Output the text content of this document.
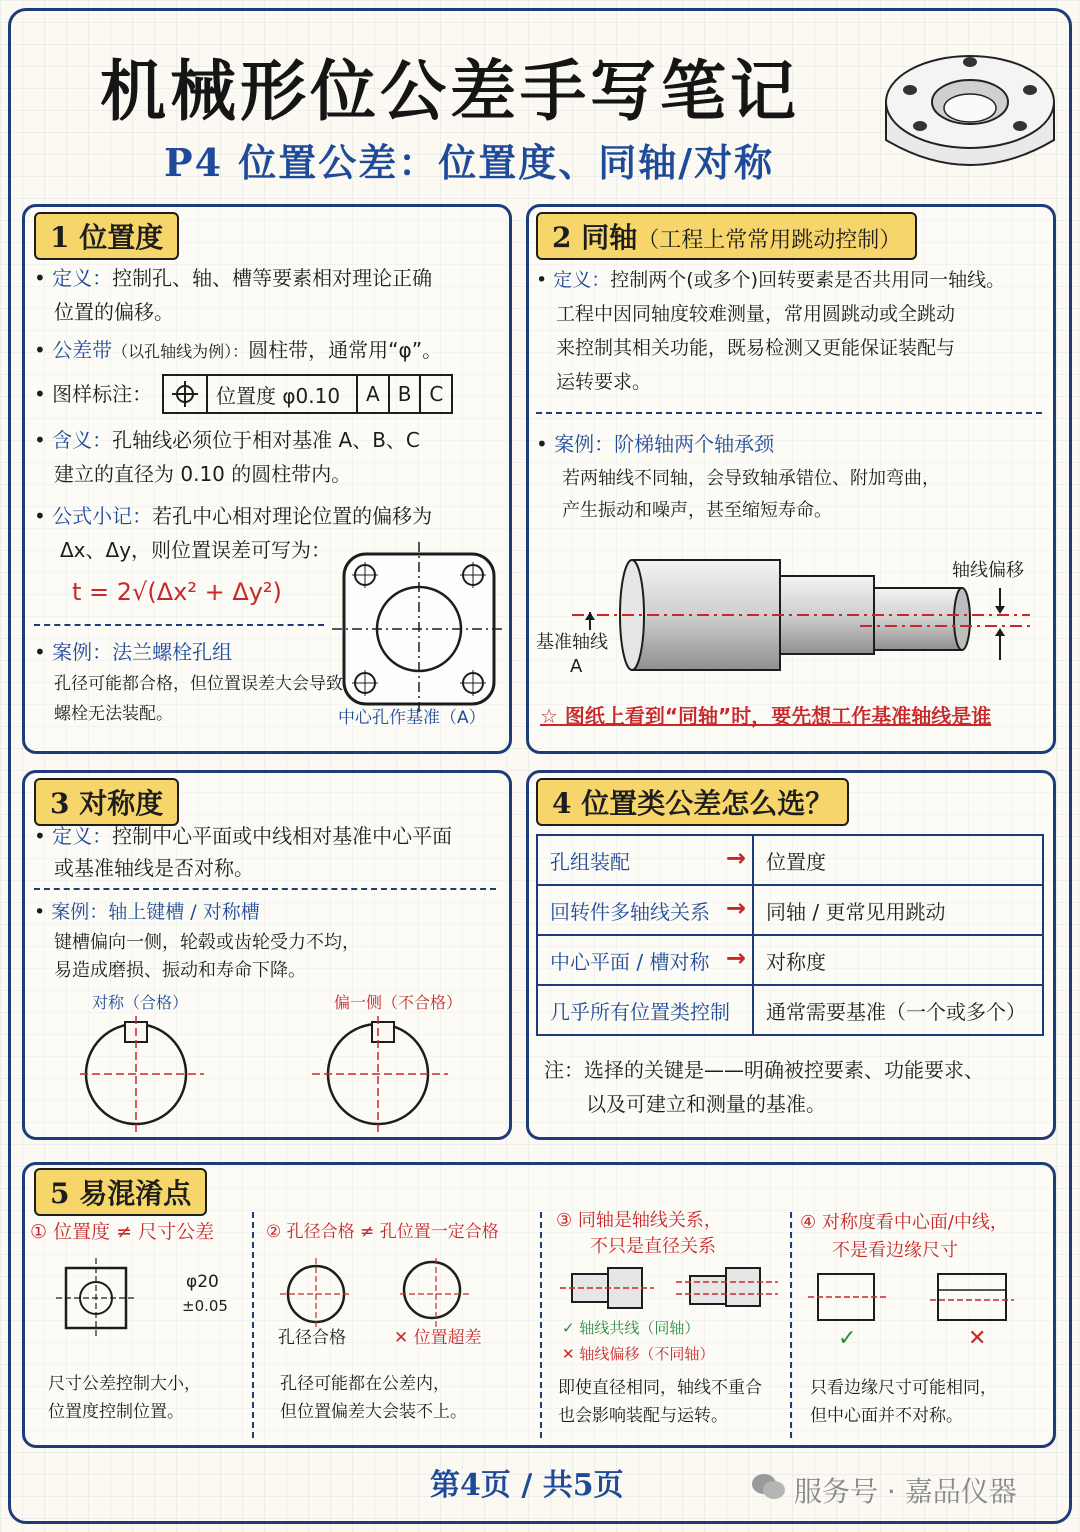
机械形位公差手写笔记
P4 位置公差：位置度、同轴/对称
1 位置度
• 定义：控制孔、轴、槽等要素相对理论正确
位置的偏移。
• 公差带（以孔轴线为例）：圆柱带，通常用“φ”。
• 图样标注：	位置度 φ0.10	A B C
• 含义：孔轴线必须位于相对基准 A、B、C
建立的直径为 0.10 的圆柱带内。
• 公式小记：若孔中心相对理论位置的偏移为
Δx、Δy，则位置误差可写为：
t = 2√(Δx² + Δy²)
• 案例：法兰螺栓孔组
孔径可能都合格，但位置误差大会导致
螺栓无法装配。	中心孔作基准（A）
2 同轴（工程上常常用跳动控制）
• 定义：控制两个(或多个)回转要素是否共用同一轴线。
工程中因同轴度较难测量，常用圆跳动或全跳动
来控制其相关功能，既易检测又更能保证装配与
运转要求。
• 案例：阶梯轴两个轴承颈
若两轴线不同轴，会导致轴承错位、附加弯曲，
产生振动和噪声，甚至缩短寿命。
轴线偏移
基准轴线
A
☆ 图纸上看到“同轴”时，要先想工作基准轴线是谁
3 对称度
• 定义：控制中心平面或中线相对基准中心平面
或基准轴线是否对称。
• 案例：轴上键槽 / 对称槽
键槽偏向一侧，轮毂或齿轮受力不均，
易造成磨损、振动和寿命下降。
对称（合格）	偏一侧（不合格）
4 位置类公差怎么选？
孔组装配 →	位置度
回转件多轴线关系 →	同轴 / 更常见用跳动
中心平面 / 槽对称 →	对称度
几乎所有位置类控制	通常需要基准（一个或多个）
注：选择的关键是——明确被控要素、功能要求、
以及可建立和测量的基准。
5 易混淆点
① 位置度 ≠ 尺寸公差
φ20
±0.05
尺寸公差控制大小，
位置度控制位置。
② 孔径合格 ≠ 孔位置一定合格
孔径合格	✕ 位置超差
孔径可能都在公差内，
但位置偏差大会装不上。
③ 同轴是轴线关系，
不只是直径关系
✓ 轴线共线（同轴）
✕ 轴线偏移（不同轴）
即使直径相同，轴线不重合
也会影响装配与运转。
④ 对称度看中心面/中线，
不是看边缘尺寸
✓	✕
只看边缘尺寸可能相同，
但中心面并不对称。
第4页 / 共5页	服务号 · 嘉品仪器
